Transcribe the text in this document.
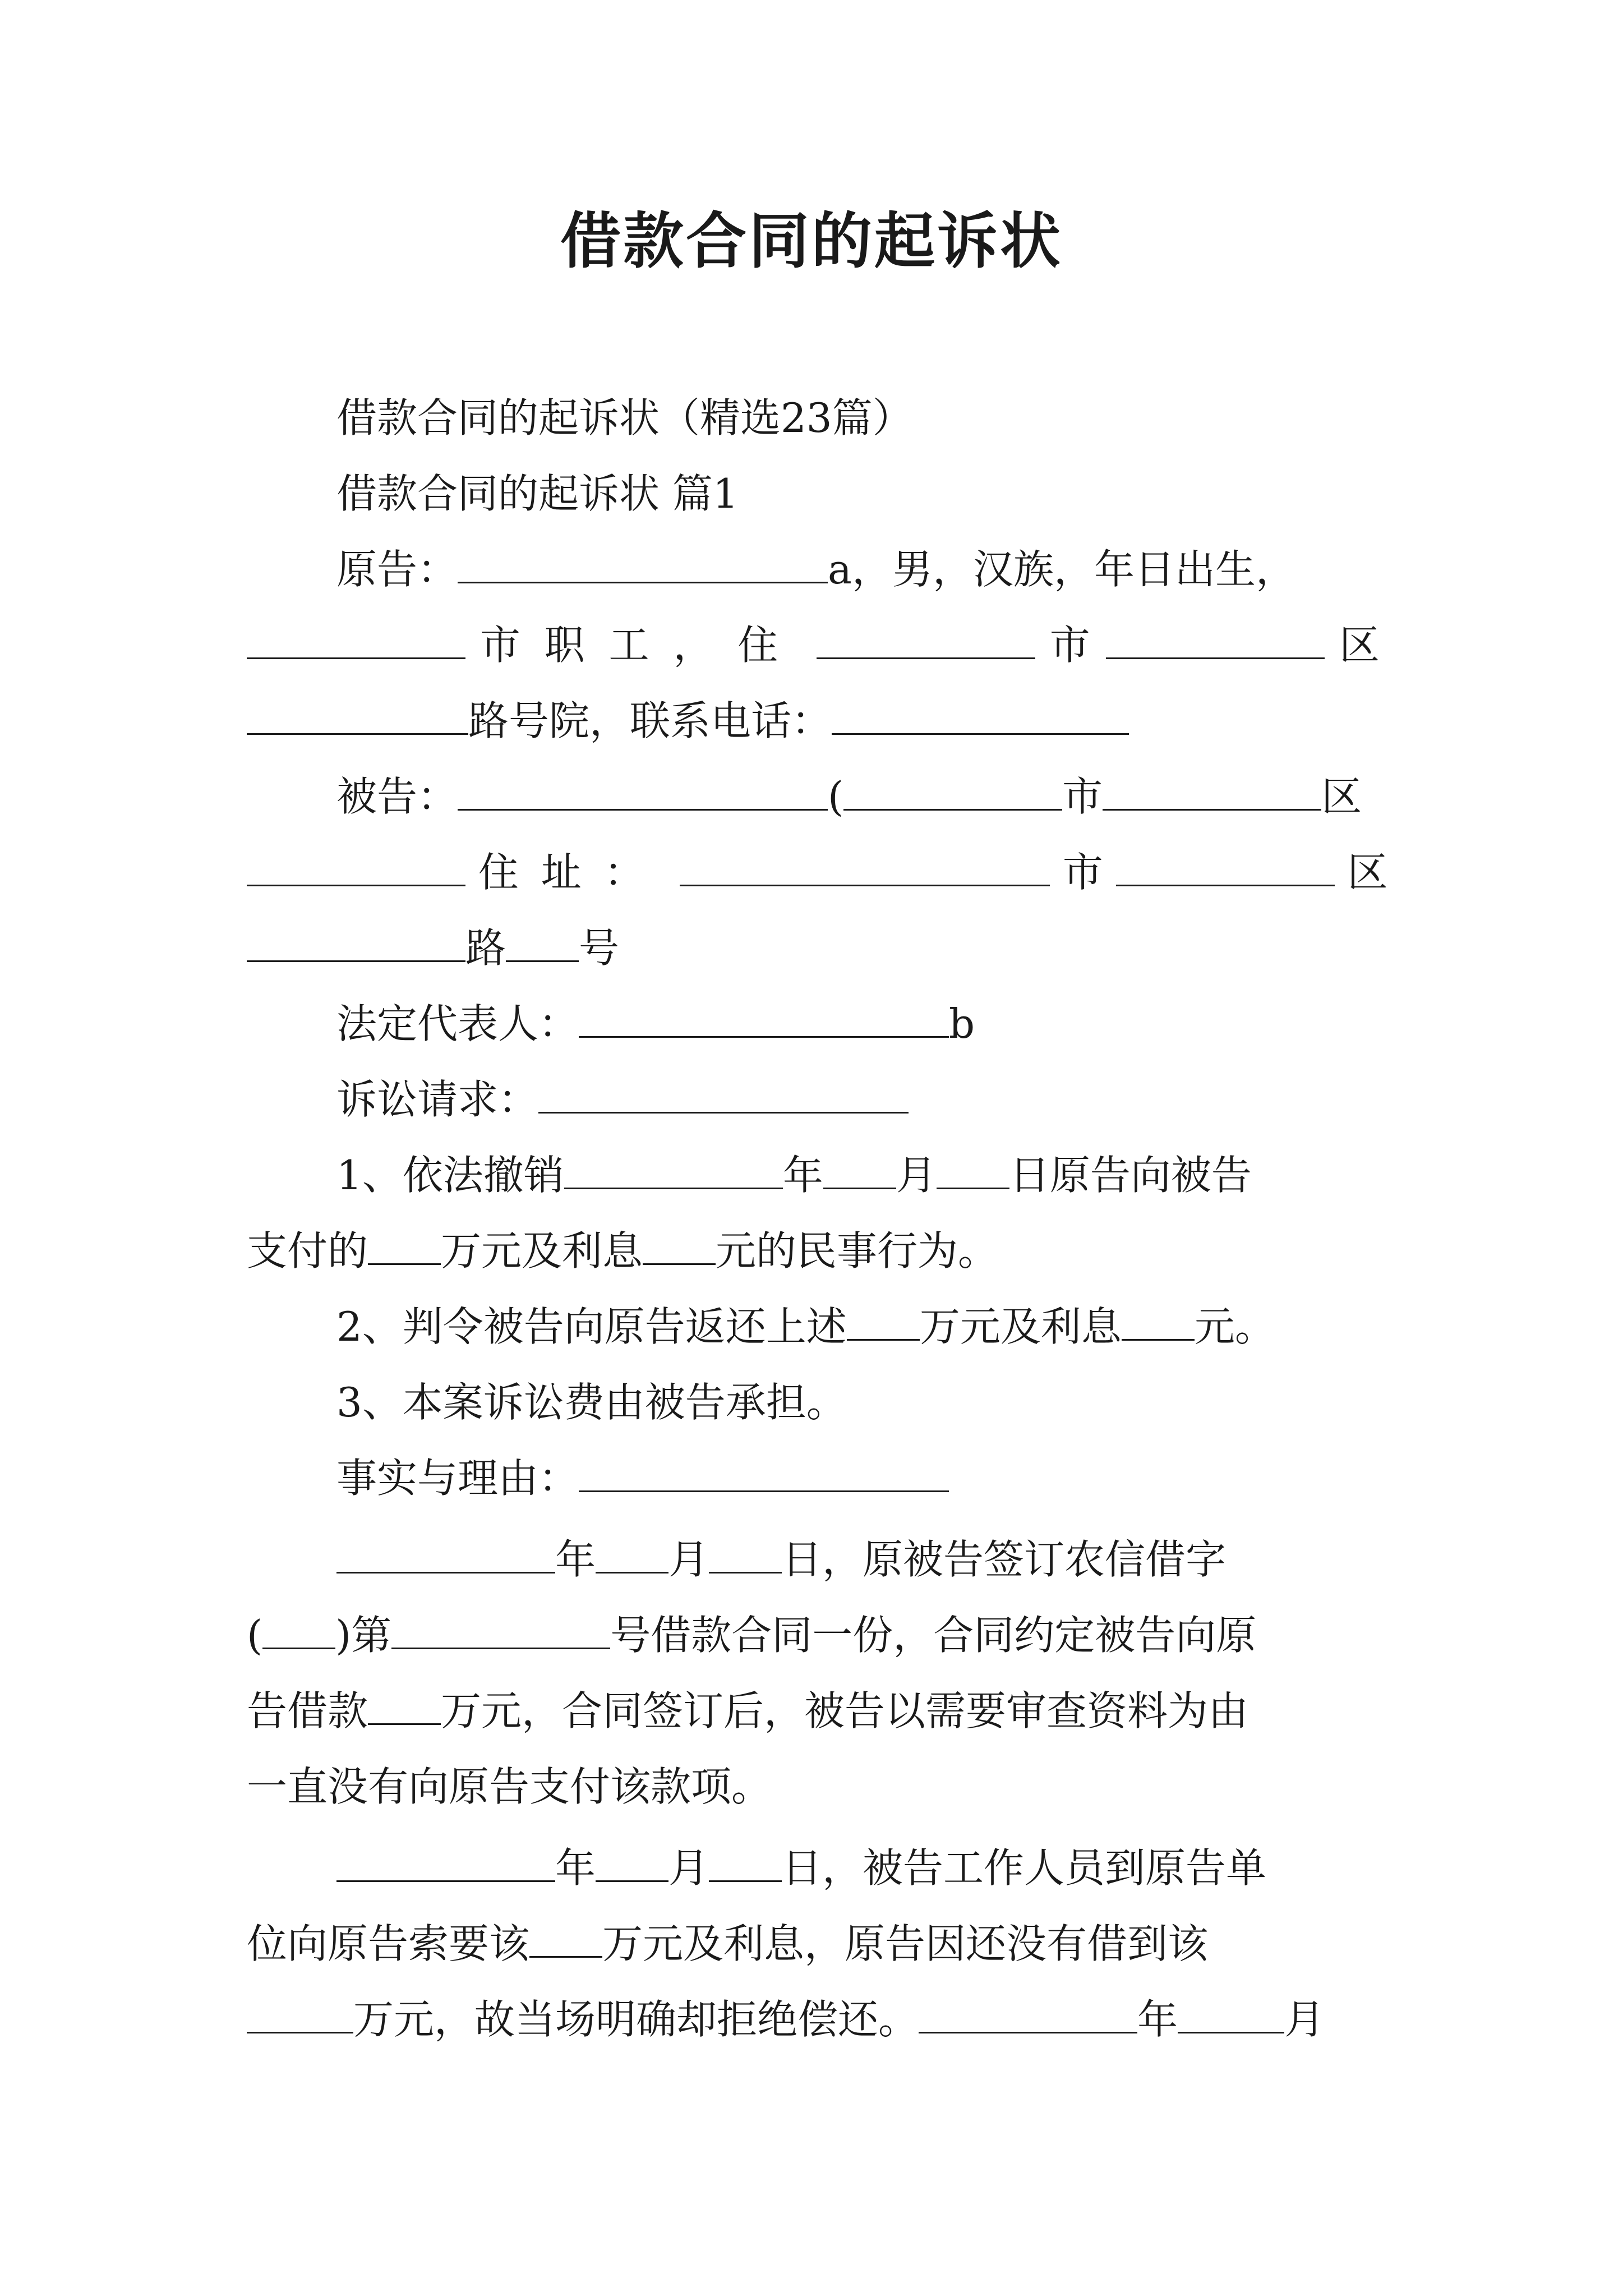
借款合同的起诉状
借款合同的起诉状（精选23篇）
借款合同的起诉状 篇1
原告：	a，男，汉族，年日出生，
市职工，住	市	区
路号院，联系电话：
被告：	(	市	区
住址：	市	区
路 号
法定代表人：	b
诉讼请求：
1、依法撤销	年 月 日原告向被告
支付的 万元及利息 元的民事行为。
2、判令被告向原告返还上述 万元及利息 元。
3、本案诉讼费由被告承担。
事实与理由：
年 月 日，原被告签订农信借字
( )第	号借款合同一份，合同约定被告向原
告借款 万元，合同签订后，被告以需要审查资料为由
一直没有向原告支付该款项。
年 月 日，被告工作人员到原告单
位向原告索要该 万元及利息，原告因还没有借到该
万元，故当场明确却拒绝偿还。	年	月
